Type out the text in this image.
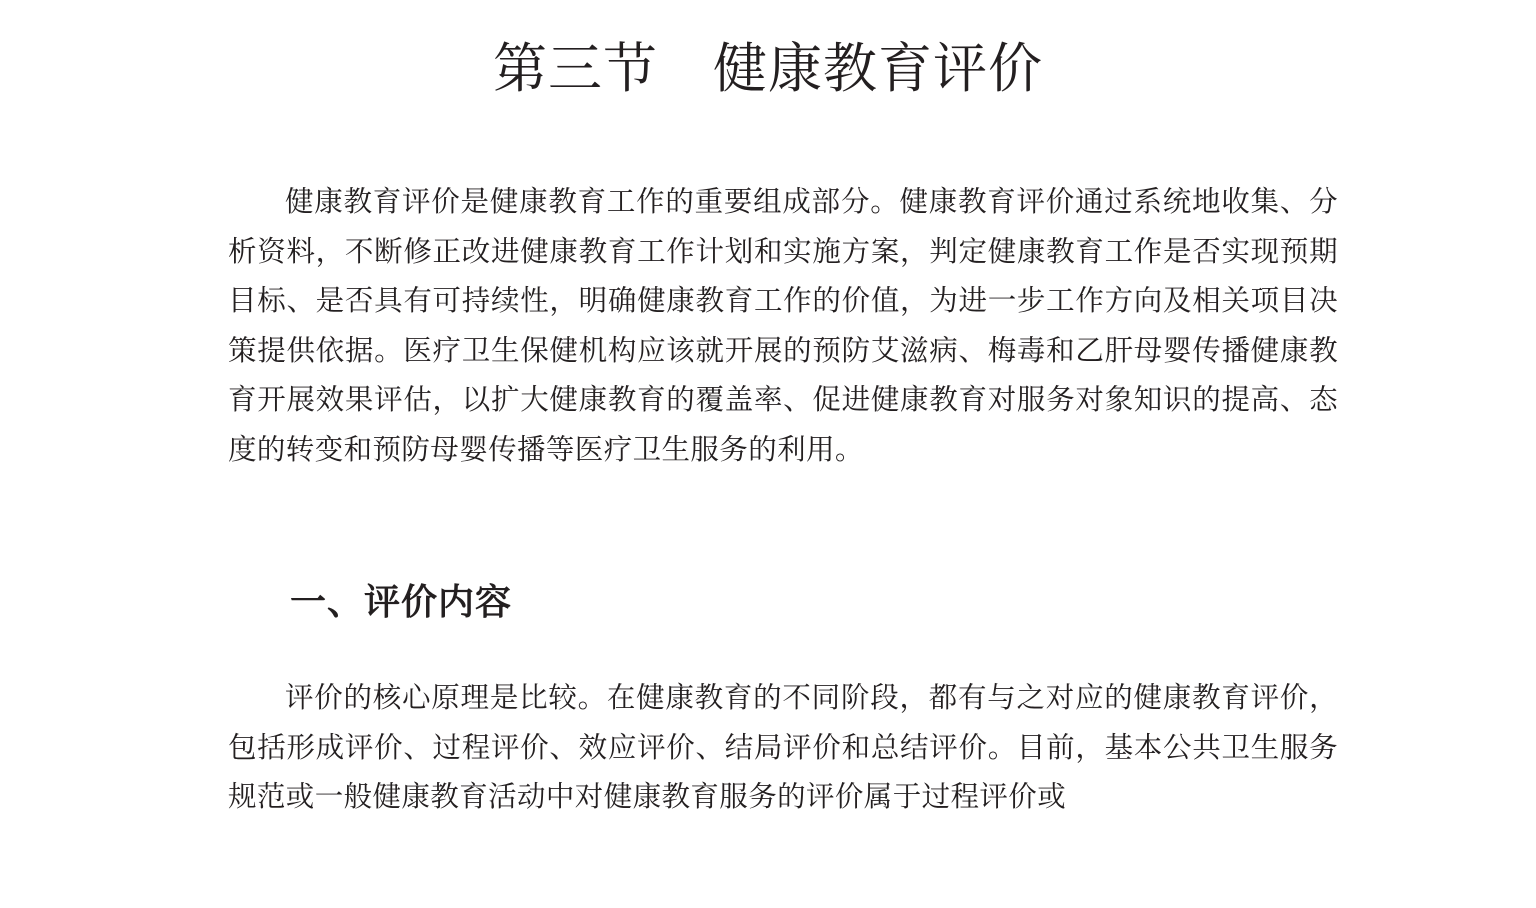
第三节　健康教育评价

健康教育评价是健康教育工作的重要组成部分。健康教育评价通过系统地收集、分析资料，不断修正改进健康教育工作计划和实施方案，判定健康教育工作是否实现预期目标、是否具有可持续性，明确健康教育工作的价值，为进一步工作方向及相关项目决策提供依据。医疗卫生保健机构应该就开展的预防艾滋病、梅毒和乙肝母婴传播健康教育开展效果评估，以扩大健康教育的覆盖率、促进健康教育对服务对象知识的提高、态度的转变和预防母婴传播等医疗卫生服务的利用。

一、评价内容

评价的核心原理是比较。在健康教育的不同阶段，都有与之对应的健康教育评价，包括形成评价、过程评价、效应评价、结局评价和总结评价。目前，基本公共卫生服务规范或一般健康教育活动中对健康教育服务的评价属于过程评价或
